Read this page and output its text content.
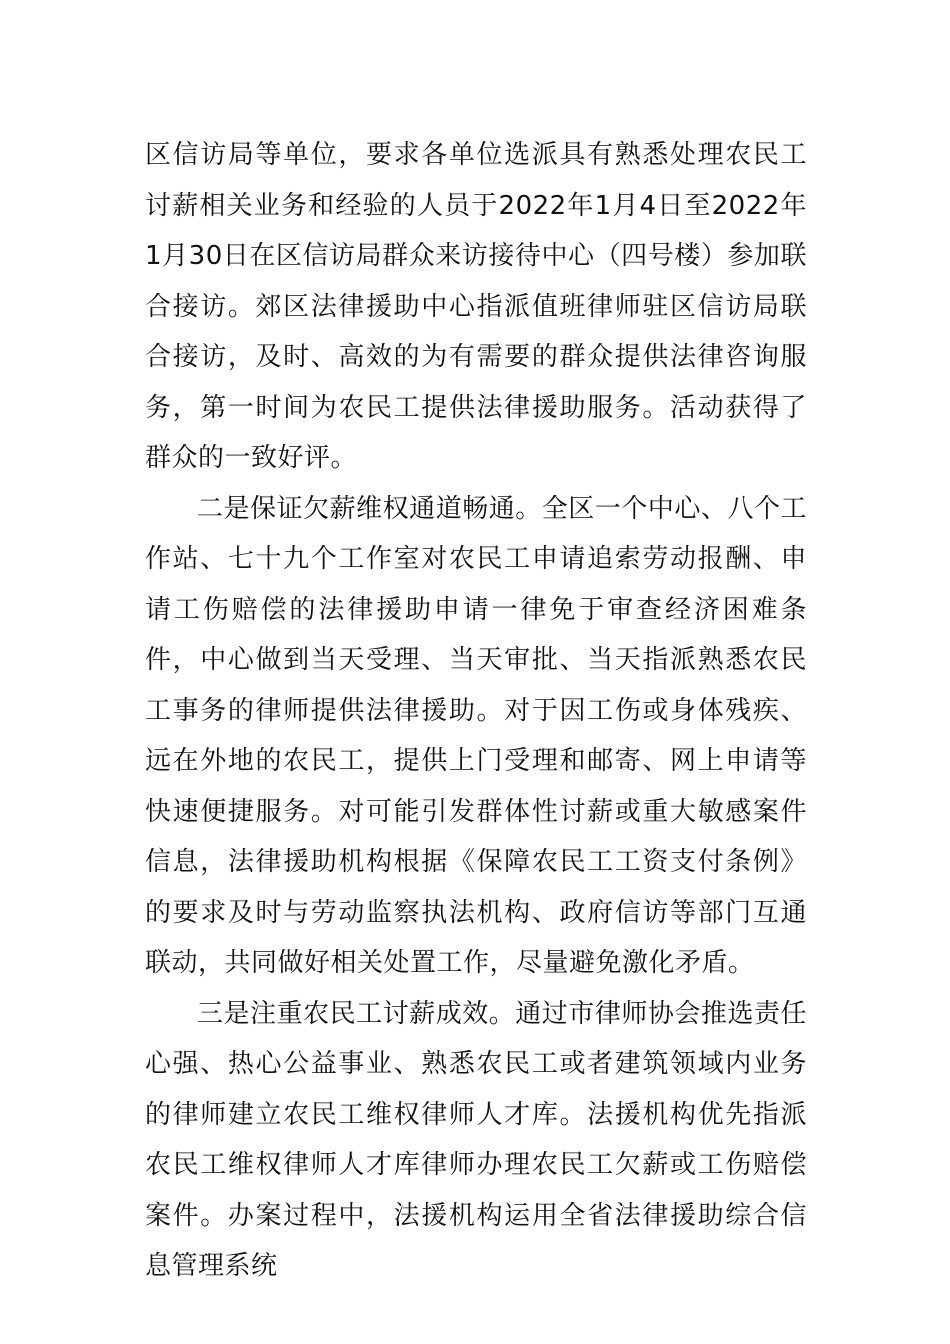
区信访局等单位，要求各单位选派具有熟悉处理农民工讨薪相关业务和经验的人员于2022年1月4日至2022年1月30日在区信访局群众来访接待中心（四号楼）参加联合接访。郊区法律援助中心指派值班律师驻区信访局联合接访，及时、高效的为有需要的群众提供法律咨询服务，第一时间为农民工提供法律援助服务。活动获得了群众的一致好评。

二是保证欠薪维权通道畅通。全区一个中心、八个工作站、七十九个工作室对农民工申请追索劳动报酬、申请工伤赔偿的法律援助申请一律免于审查经济困难条件，中心做到当天受理、当天审批、当天指派熟悉农民工事务的律师提供法律援助。对于因工伤或身体残疾、远在外地的农民工，提供上门受理和邮寄、网上申请等快速便捷服务。对可能引发群体性讨薪或重大敏感案件信息，法律援助机构根据《保障农民工工资支付条例》的要求及时与劳动监察执法机构、政府信访等部门互通联动，共同做好相关处置工作，尽量避免激化矛盾。

三是注重农民工讨薪成效。通过市律师协会推选责任心强、热心公益事业、熟悉农民工或者建筑领域内业务的律师建立农民工维权律师人才库。法援机构优先指派农民工维权律师人才库律师办理农民工欠薪或工伤赔偿案件。办案过程中，法援机构运用全省法律援助综合信息管理系统
